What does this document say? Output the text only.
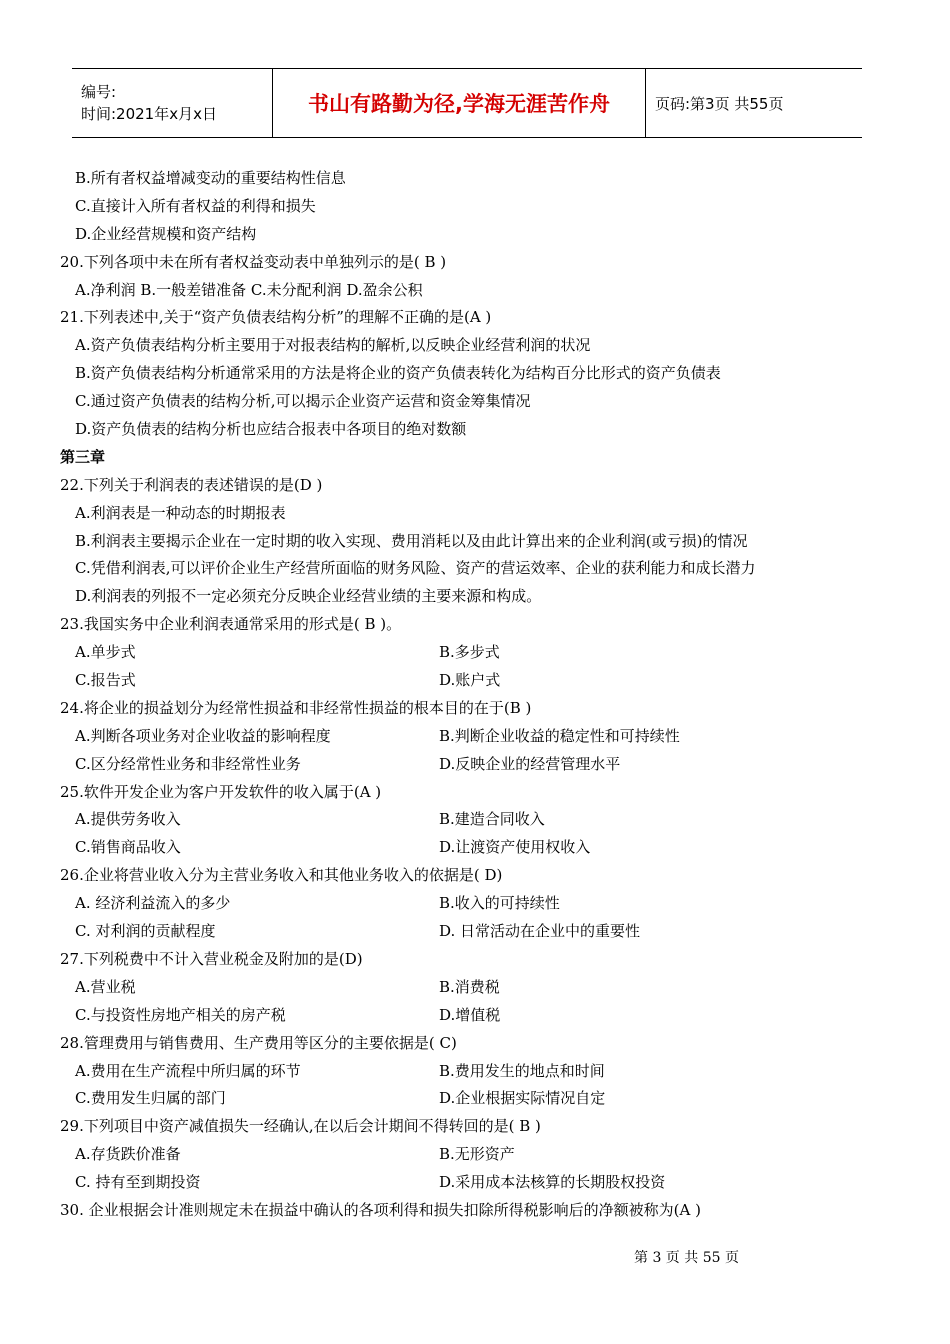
编号:
时间:2021年x月x日	书山有路勤为径,学海无涯苦作舟	页码:第3页 共55页
B.所有者权益增减变动的重要结构性信息
C.直接计入所有者权益的利得和损失
D.企业经营规模和资产结构
20.下列各项中未在所有者权益变动表中单独列示的是( B )
A.净利润 B.一般差错准备 C.未分配利润 D.盈余公积
21.下列表述中,关于“资产负债表结构分析”的理解不正确的是(A )
A.资产负债表结构分析主要用于对报表结构的解析,以反映企业经营利润的状况
B.资产负债表结构分析通常采用的方法是将企业的资产负债表转化为结构百分比形式的资产负债表
C.通过资产负债表的结构分析,可以揭示企业资产运营和资金筹集情况
D.资产负债表的结构分析也应结合报表中各项目的绝对数额
第三章
22.下列关于利润表的表述错误的是(D )
A.利润表是一种动态的时期报表
B.利润表主要揭示企业在一定时期的收入实现、费用消耗以及由此计算出来的企业利润(或亏损)的情况
C.凭借利润表,可以评价企业生产经营所面临的财务风险、资产的营运效率、企业的获利能力和成长潜力
D.利润表的列报不一定必须充分反映企业经营业绩的主要来源和构成。
23.我国实务中企业利润表通常采用的形式是( B )。
A.单步式	B.多步式
C.报告式	D.账户式
24.将企业的损益划分为经常性损益和非经常性损益的根本目的在于(B )
A.判断各项业务对企业收益的影响程度	B.判断企业收益的稳定性和可持续性
C.区分经常性业务和非经常性业务	D.反映企业的经营管理水平
25.软件开发企业为客户开发软件的收入属于(A )
A.提供劳务收入	B.建造合同收入
C.销售商品收入	D.让渡资产使用权收入
26.企业将营业收入分为主营业务收入和其他业务收入的依据是( D)
A. 经济利益流入的多少	B.收入的可持续性
C. 对利润的贡献程度	D. 日常活动在企业中的重要性
27.下列税费中不计入营业税金及附加的是(D)
A.营业税	B.消费税
C.与投资性房地产相关的房产税	D.增值税
28.管理费用与销售费用、生产费用等区分的主要依据是( C)
A.费用在生产流程中所归属的环节	B.费用发生的地点和时间
C.费用发生归属的部门	D.企业根据实际情况自定
29.下列项目中资产减值损失一经确认,在以后会计期间不得转回的是( B )
A.存货跌价准备	B.无形资产
C. 持有至到期投资	D.采用成本法核算的长期股权投资
30. 企业根据会计准则规定未在损益中确认的各项利得和损失扣除所得税影响后的净额被称为(A )
第 3 页 共 55 页
